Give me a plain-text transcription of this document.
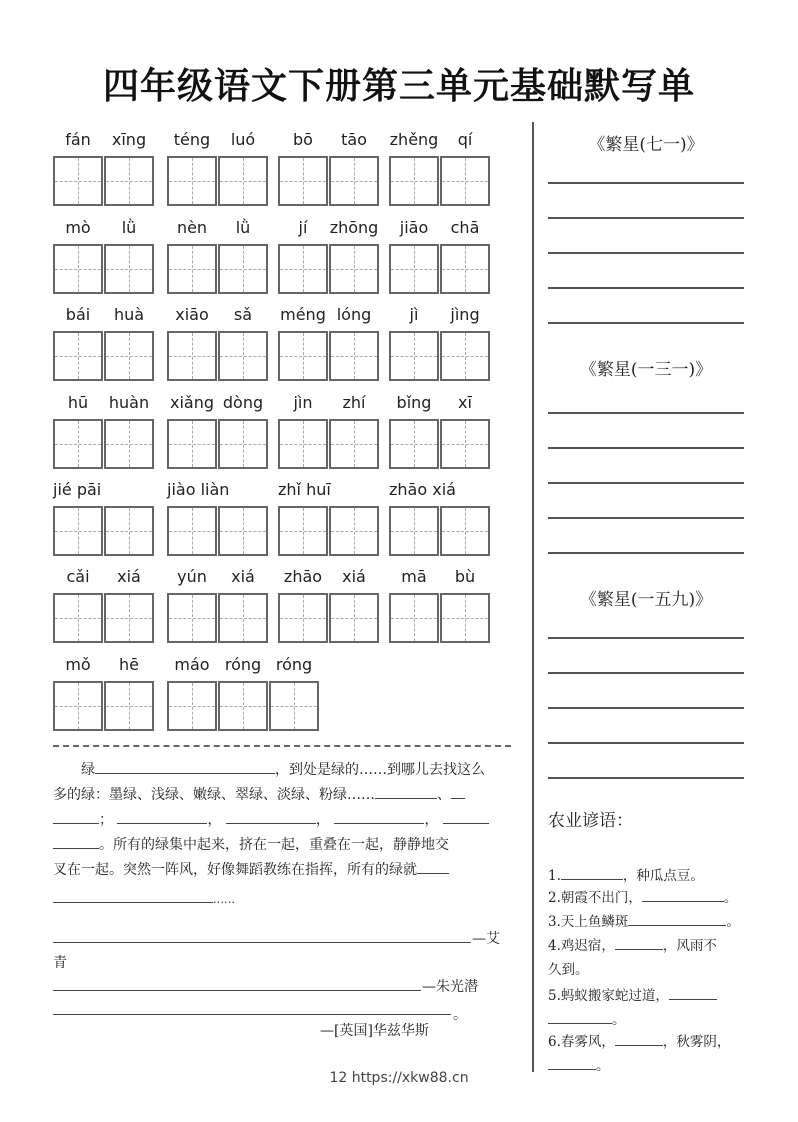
四年级语文下册第三单元基础默写单
fán	xīng	téng	luó	bō	tāo	zhěng	qí
mò	lǜ	nèn	lǜ	jí	zhōng	jiāo	chā
bái	huà	xiāo	sǎ	méng lóng	jì	jìng
hū	huàn	xiǎng dòng	jìn	zhí	bǐng	xī
jié pāi	jiào liàn	zhǐ huī	zhāo xiá
cǎi	xiá	yún	xiá	zhāo	xiá	mā	bù
mǒ	hē	máo róng róng
绿	，到处是绿的……到哪儿去找这么
多的绿：墨绿、浅绿、嫩绿、翠绿、淡绿、粉绿……	、
；	，	，	，
。所有的绿集中起来，挤在一起，重叠在一起，静静地交
叉在一起。突然一阵风，好像舞蹈教练在指挥，所有的绿就
……
—艾
青
—朱光潜
。
—[英国]华兹华斯
《繁星(七一)》
《繁星(一三一)》
《繁星(一五九)》
农业谚语：
1.	，种瓜点豆。
2.朝霞不出门，	。
3.天上鱼鳞斑	。
4.鸡迟宿，	，风雨不
久到。
5.蚂蚁搬家蛇过道，
。
6.春雾风，	，秋雾阴，
。
12 https://xkw88.cn
